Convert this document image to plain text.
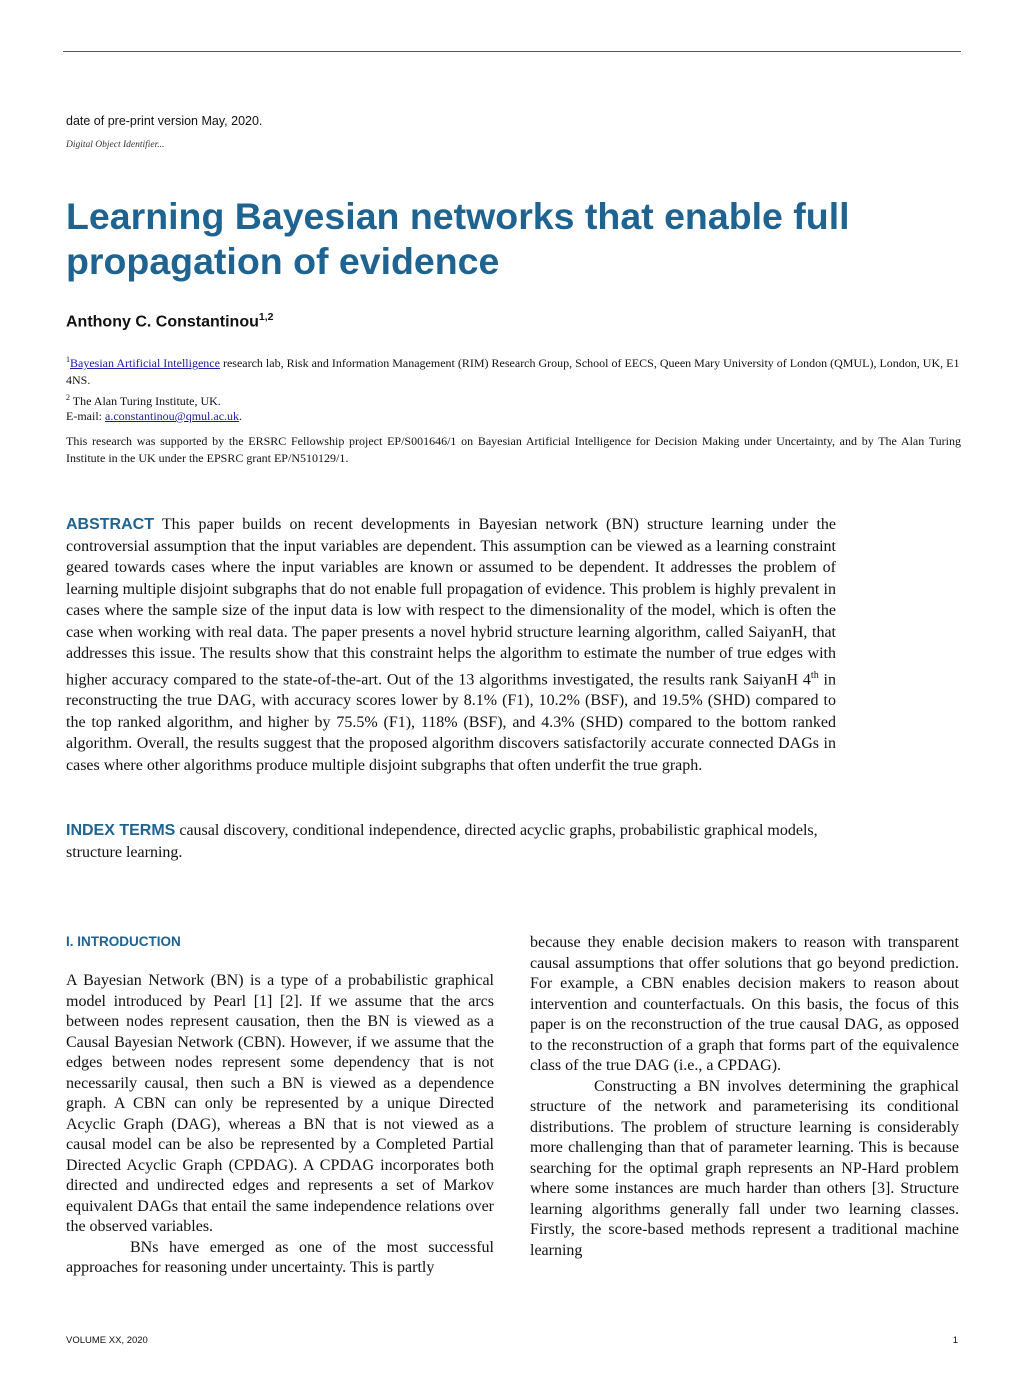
date of pre-print version May, 2020.
Digital Object Identifier...
Learning Bayesian networks that enable full propagation of evidence
Anthony C. Constantinou$^{1,2}$
$^1$Bayesian Artificial Intelligence research lab, Risk and Information Management (RIM) Research Group, School of EECS, Queen Mary University of London (QMUL), London, UK, E1 4NS.
$^2$ The Alan Turing Institute, UK.
E-mail: a.constantinou@qmul.ac.uk.
This research was supported by the ERSRC Fellowship project EP/S001646/1 on Bayesian Artificial Intelligence for Decision Making under Uncertainty, and by The Alan Turing Institute in the UK under the EPSRC grant EP/N510129/1.
ABSTRACT This paper builds on recent developments in Bayesian network (BN) structure learning under the controversial assumption that the input variables are dependent. This assumption can be viewed as a learning constraint geared towards cases where the input variables are known or assumed to be dependent. It addresses the problem of learning multiple disjoint subgraphs that do not enable full propagation of evidence. This problem is highly prevalent in cases where the sample size of the input data is low with respect to the dimensionality of the model, which is often the case when working with real data. The paper presents a novel hybrid structure learning algorithm, called SaiyanH, that addresses this issue. The results show that this constraint helps the algorithm to estimate the number of true edges with higher accuracy compared to the state-of-the-art. Out of the 13 algorithms investigated, the results rank SaiyanH 4th in reconstructing the true DAG, with accuracy scores lower by 8.1% (F1), 10.2% (BSF), and 19.5% (SHD) compared to the top ranked algorithm, and higher by 75.5% (F1), 118% (BSF), and 4.3% (SHD) compared to the bottom ranked algorithm. Overall, the results suggest that the proposed algorithm discovers satisfactorily accurate connected DAGs in cases where other algorithms produce multiple disjoint subgraphs that often underfit the true graph.
INDEX TERMS causal discovery, conditional independence, directed acyclic graphs, probabilistic graphical models, structure learning.
I. INTRODUCTION

A Bayesian Network (BN) is a type of a probabilistic graphical model introduced by Pearl [1] [2]. If we assume that the arcs between nodes represent causation, then the BN is viewed as a Causal Bayesian Network (CBN). However, if we assume that the edges between nodes represent some dependency that is not necessarily causal, then such a BN is viewed as a dependence graph. A CBN can only be represented by a unique Directed Acyclic Graph (DAG), whereas a BN that is not viewed as a causal model can be also be represented by a Completed Partial Directed Acyclic Graph (CPDAG). A CPDAG incorporates both directed and undirected edges and represents a set of Markov equivalent DAGs that entail the same independence relations over the observed variables.

BNs have emerged as one of the most successful approaches for reasoning under uncertainty. This is partly

because they enable decision makers to reason with transparent causal assumptions that offer solutions that go beyond prediction. For example, a CBN enables decision makers to reason about intervention and counterfactuals. On this basis, the focus of this paper is on the reconstruction of the true causal DAG, as opposed to the reconstruction of a graph that forms part of the equivalence class of the true DAG (i.e., a CPDAG).

Constructing a BN involves determining the graphical structure of the network and parameterising its conditional distributions. The problem of structure learning is considerably more challenging than that of parameter learning. This is because searching for the optimal graph represents an NP-Hard problem where some instances are much harder than others [3]. Structure learning algorithms generally fall under two learning classes. Firstly, the score-based methods represent a traditional machine learning

VOLUME XX, 2020	1
